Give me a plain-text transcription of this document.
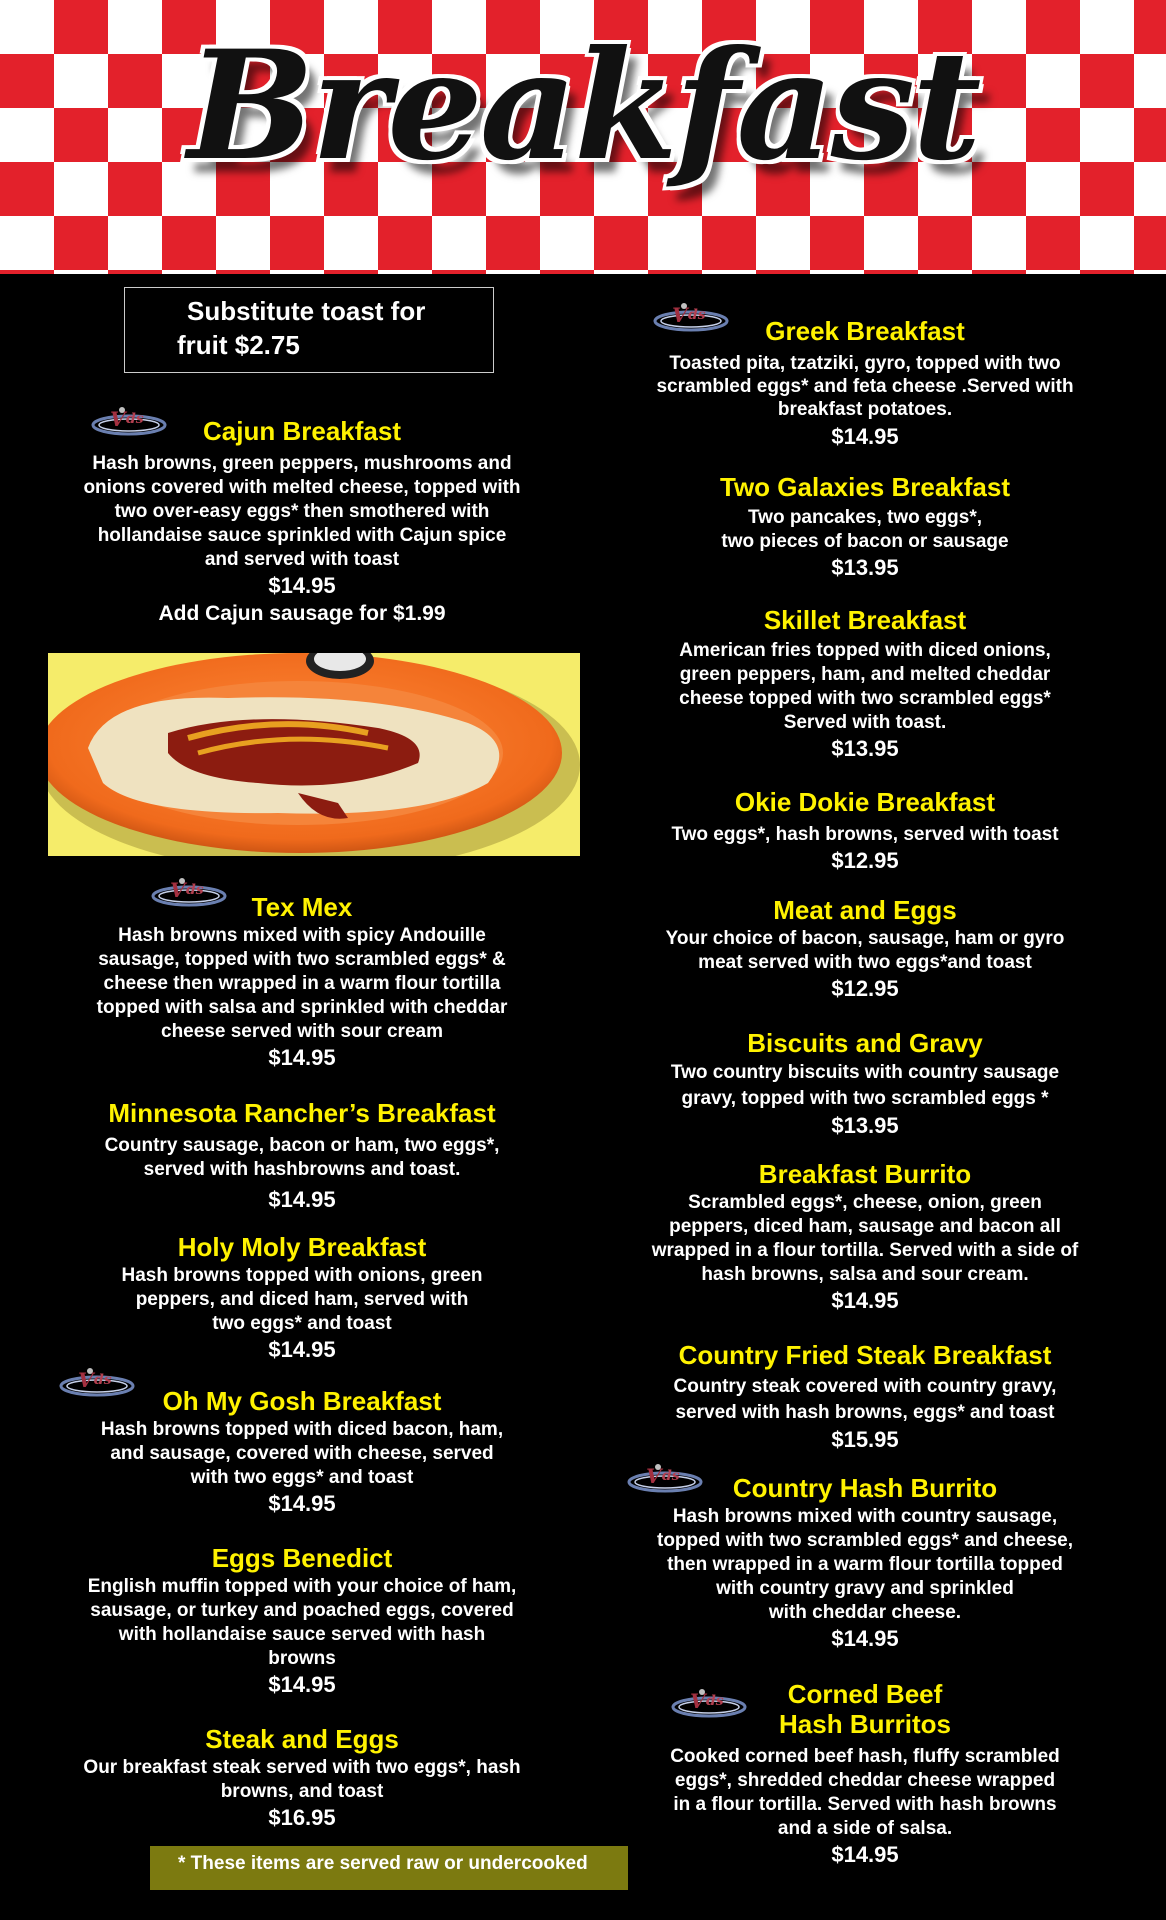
Breakfast
Substitute toast for
fruit $2.75
Cajun Breakfast
Hash browns, green peppers, mushrooms and
onions covered with melted cheese, topped with
two over-easy eggs* then smothered with
hollandaise sauce sprinkled with Cajun spice
and served with toast
$14.95
Add Cajun sausage for $1.99
Tex Mex
Hash browns mixed with spicy Andouille
sausage, topped with two scrambled eggs* &
cheese then wrapped in a warm flour tortilla
topped with salsa and sprinkled with cheddar
cheese served with sour cream
$14.95
Minnesota Rancher’s Breakfast
Country sausage, bacon or ham, two eggs*,
served with hashbrowns and toast.
$14.95
Holy Moly Breakfast
Hash browns topped with onions, green
peppers, and diced ham, served with
two eggs* and toast
$14.95
Oh My Gosh Breakfast
Hash browns topped with diced bacon, ham,
and sausage, covered with cheese, served
with two eggs* and toast
$14.95
Eggs Benedict
English muffin topped with your choice of ham,
sausage, or turkey and poached eggs, covered
with hollandaise sauce served with hash
browns
$14.95
Steak and Eggs
Our breakfast steak served with two eggs*, hash
browns, and toast
$16.95
Greek Breakfast
Toasted pita, tzatziki, gyro, topped with two
scrambled eggs* and feta cheese .Served with
breakfast potatoes.
$14.95
Two Galaxies Breakfast
Two pancakes, two eggs*,
two pieces of bacon or sausage
$13.95
Skillet Breakfast
American fries topped with diced onions,
green peppers, ham, and melted cheddar
cheese topped with two scrambled eggs*
Served with toast.
$13.95
Okie Dokie Breakfast
Two eggs*, hash browns, served with toast
$12.95
Meat and Eggs
Your choice of bacon, sausage, ham or gyro
meat served with two eggs*and toast
$12.95
Biscuits and Gravy
Two country biscuits with country sausage
gravy, topped with two scrambled eggs *
$13.95
Breakfast Burrito
Scrambled eggs*, cheese, onion, green
peppers, diced ham, sausage and bacon all
wrapped in a flour tortilla. Served with a side of
hash browns, salsa and sour cream.
$14.95
Country Fried Steak Breakfast
Country steak covered with country gravy,
served with hash browns, eggs* and toast
$15.95
Country Hash Burrito
Hash browns mixed with country sausage,
topped with two scrambled eggs* and cheese,
then wrapped in a warm flour tortilla topped
with country gravy and sprinkled
with cheddar cheese.
$14.95
Corned Beef
Hash Burritos
Cooked corned beef hash, fluffy scrambled
eggs*, shredded cheddar cheese wrapped
in a flour tortilla. Served with hash browns
and a side of salsa.
$14.95
* These items are served raw or undercooked
